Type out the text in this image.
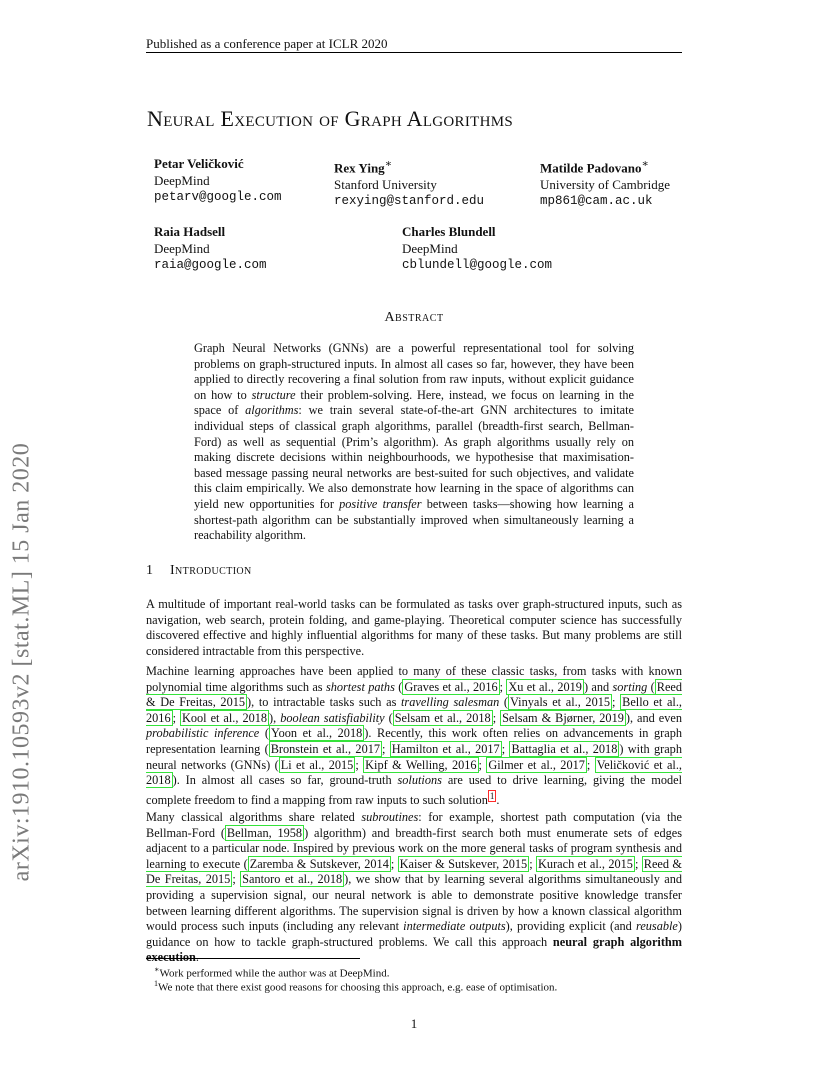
Published as a conference paper at ICLR 2020
arXiv:1910.10593v2 [stat.ML] 15 Jan 2020
Neural Execution of Graph Algorithms
Petar Veličković
DeepMind
petarv@google.com
Rex Ying∗
Stanford University
rexying@stanford.edu
Matilde Padovano∗
University of Cambridge
mp861@cam.ac.uk
Raia Hadsell
DeepMind
raia@google.com
Charles Blundell
DeepMind
cblundell@google.com
Abstract
Graph Neural Networks (GNNs) are a powerful representational tool for solving problems on graph-structured inputs. In almost all cases so far, however, they have been applied to directly recovering a final solution from raw inputs, without explicit guidance on how to structure their problem-solving. Here, instead, we focus on learning in the space of algorithms: we train several state-of-the-art GNN architectures to imitate individual steps of classical graph algorithms, parallel (breadth-first search, Bellman-Ford) as well as sequential (Prim’s algorithm). As graph algorithms usually rely on making discrete decisions within neighbourhoods, we hypothesise that maximisation-based message passing neural networks are best-suited for such objectives, and validate this claim empirically. We also demonstrate how learning in the space of algorithms can yield new opportunities for positive transfer between tasks—showing how learning a shortest-path algorithm can be substantially improved when simultaneously learning a reachability algorithm.
1 Introduction
A multitude of important real-world tasks can be formulated as tasks over graph-structured inputs, such as navigation, web search, protein folding, and game-playing. Theoretical computer science has successfully discovered effective and highly influential algorithms for many of these tasks. But many problems are still considered intractable from this perspective.
Machine learning approaches have been applied to many of these classic tasks, from tasks with known polynomial time algorithms such as shortest paths ( Graves et al., 2016 ; Xu et al., 2019 ) and sorting ( Reed & De Freitas, 2015 ), to intractable tasks such as travelling salesman ( Vinyals et al., 2015 ; Bello et al., 2016 ; Kool et al., 2018 ), boolean satisfiability ( Selsam et al., 2018 ; Selsam & Bjørner, 2019 ), and even probabilistic inference ( Yoon et al., 2018 ). Recently, this work often relies on advancements in graph representation learning ( Bronstein et al., 2017 ; Hamilton et al., 2017 ; Battaglia et al., 2018 ) with graph neural networks (GNNs) ( Li et al., 2015 ; Kipf & Welling, 2016 ; Gilmer et al., 2017 ; Veličković et al., 2018 ). In almost all cases so far, ground-truth solutions are used to drive learning, giving the model complete freedom to find a mapping from raw inputs to such solution $^1$ .
Many classical algorithms share related subroutines: for example, shortest path computation (via the Bellman-Ford ( Bellman, 1958 ) algorithm) and breadth-first search both must enumerate sets of edges adjacent to a particular node. Inspired by previous work on the more general tasks of program synthesis and learning to execute ( Zaremba & Sutskever, 2014 ; Kaiser & Sutskever, 2015 ; Kurach et al., 2015 ; Reed & De Freitas, 2015 ; Santoro et al., 2018 ), we show that by learning several algorithms simultaneously and providing a supervision signal, our neural network is able to demonstrate positive knowledge transfer between learning different algorithms. The supervision signal is driven by how a known classical algorithm would process such inputs (including any relevant intermediate outputs), providing explicit (and reusable) guidance on how to tackle graph-structured problems. We call this approach neural graph algorithm execution.
∗Work performed while the author was at DeepMind.
$^1$We note that there exist good reasons for choosing this approach, e.g. ease of optimisation.
1
